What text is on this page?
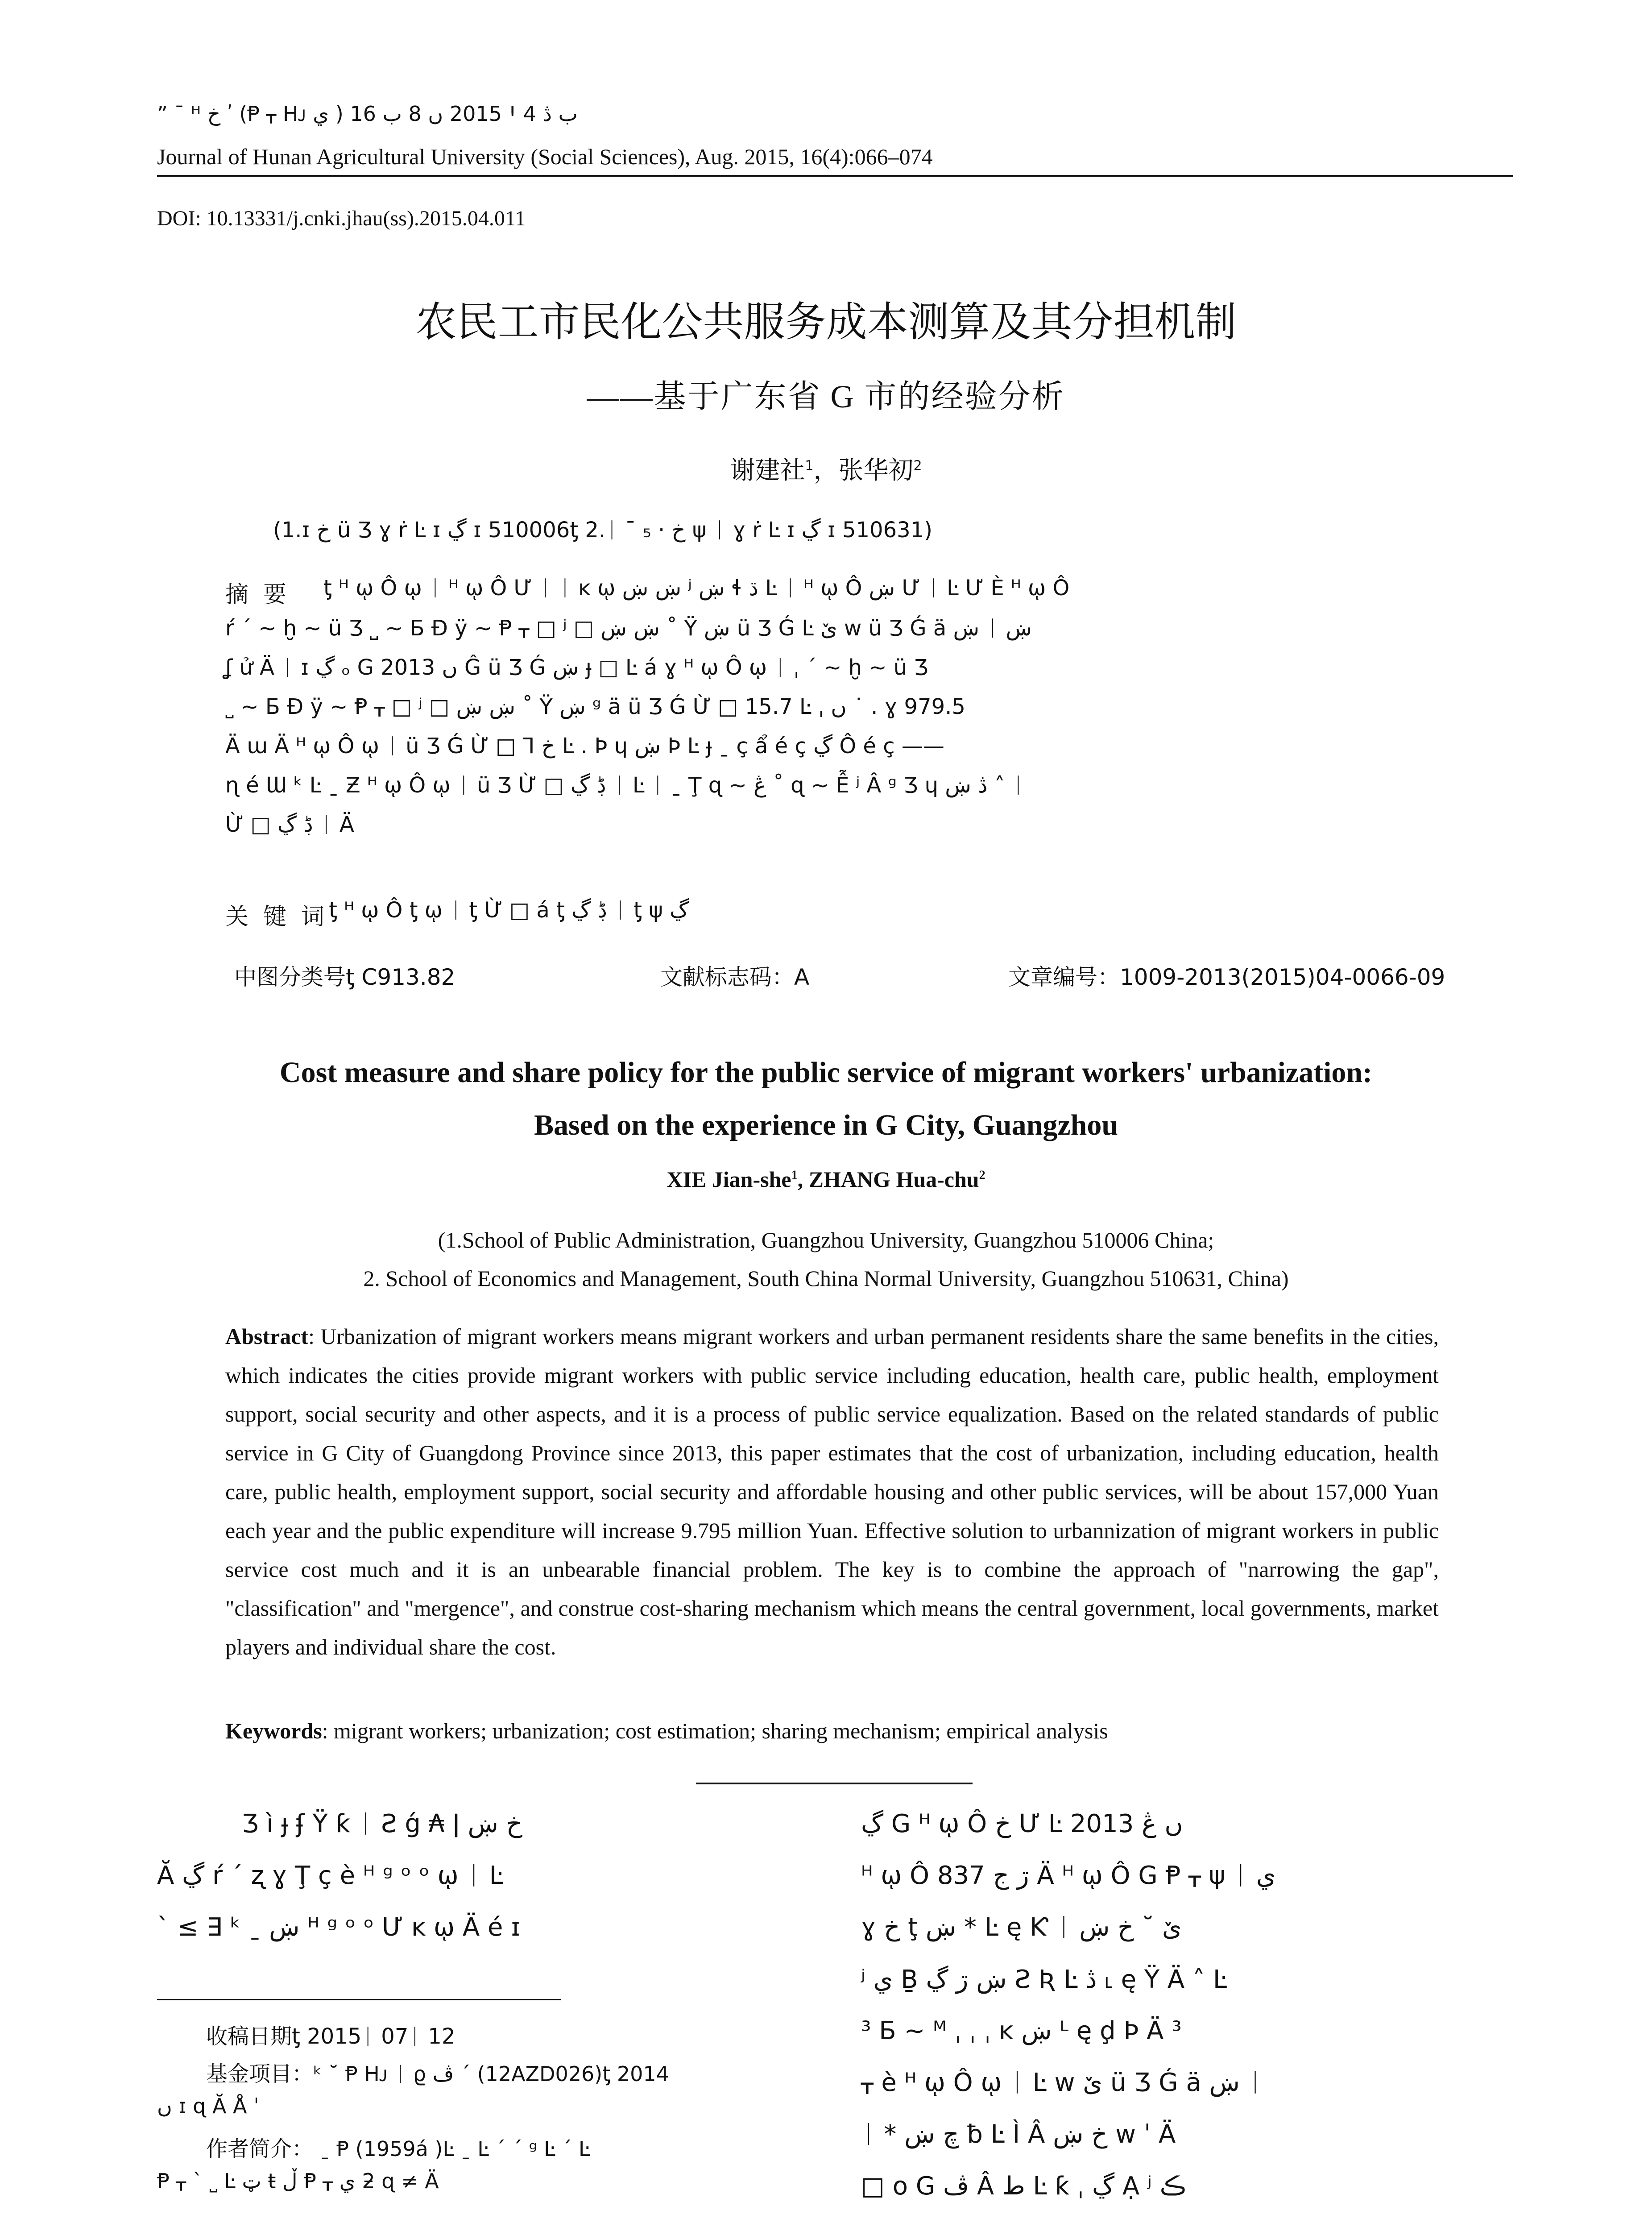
” ¯ ᴴ خ ʹ (Ᵽ ᚁ Hᴊ ي ) 2015 ں 8 ب 16 Ꞌ ب ڎ 4
Journal of Hunan Agricultural University (Social Sciences), Aug. 2015, 16(4):066–074
DOI: 10.13331/j.cnki.jhau(ss).2015.04.011
农民工市民化公共服务成本测算及其分担机制
——基于广东省 G 市的经验分析
谢建社$^1$，张华初$^2$
(1.ɪ خ ü Ʒ ɣ ṙ Ŀ ɪ ڲ ɪ 510006ƫ 2.ᛁ ¯ ₅ · خ ψ ᛁ ɣ ṙ Ŀ ɪ ڲ ɪ 510631)
摘  要	ƫ ᴴ ῳ Ô ῳ ᛁ ᴴ ῳ Ô Ư ᛁ ᛁ ĸ ῳ ښ ښ ʲ ښ ɬ ڌ Ŀ ᛁ ᴴ ῳ Ô ښ Ư ᛁ Ŀ Ư È ᴴ ῳ Ô
ŕ ˊ ~ ḫ ~ ü Ʒ ˽ ~ Ƃ Đ ÿ ~ Ᵽ ᚁ □ ʲ □ ښ ښ ˚ Ÿ ښ ü Ʒ Ǵ Ŀ ێ w ü Ʒ Ǵ ä ښ ᛁ ښ
ʆ ử Ä ᛁ ɪ ڲ ₒ G 2013 ں Ĝ ü Ʒ Ǵ ښ ɟ □ Ŀ á ɣ ᴴ ῳ Ô ῳ ᛁ ˌ ˊ ~ ḫ ~ ü Ʒ
˽ ~ Ƃ Đ ÿ ~ Ᵽ ᚁ □ ʲ □ ښ ښ ˚ Ÿ ښ ᵍ ä ü Ʒ Ǵ Ừ □ 15.7 Ŀ ˌ ں ˙ . ɣ 979.5
Ä ɯ Ä ᴴ ῳ Ô ῳ ᛁ ü Ʒ Ǵ Ừ □ Ꞁ خ Ŀ . Þ ɥ ښ Þ Ŀ ɟ ˍ ç ẩ é ç ڲ Ô é ç ——
ɳ é Ɯ ᵏ Ŀ ˍ Ƶ ᴴ ῳ Ô ῳ ᛁ ü Ʒ Ừ □ ڋ ڲ ᛁ Ŀ ᛁ ˍ Ţ ɋ ~ ڠ ˚ ɋ ~ Ễ ʲ Â ᵍ Ʒ ɥ ڎ ښ ˄ ᛁ
Ừ □ ڋ ڲ ᛁ Ä
关  键  词 ƫ ᴴ ῳ Ô ƫ ῳ ᛁ ƫ Ừ □ á ƫ ڋ ڲ ᛁ ƫ ψ ڲ
中图分类号ƫ C913.82	文献标志码：A	文章编号：1009-2013(2015)04-0066-09
Cost measure and share policy for the public service of migrant workers' urbanization:
Based on the experience in G City, Guangzhou
XIE Jian-she$^1$, ZHANG Hua-chu$^2$
(1.School of Public Administration, Guangzhou University, Guangzhou 510006 China;
2. School of Economics and Management, South China Normal University, Guangzhou 510631, China)
Abstract: Urbanization of migrant workers means migrant workers and urban permanent residents share the same benefits in the cities, which indicates the cities provide migrant workers with public service including education, health care, public health, employment support, social security and other aspects, and it is a process of public service equalization. Based on the related standards of public service in G City of Guangdong Province since 2013, this paper estimates that the cost of urbanization, including education, health care, public health, employment support, social security and affordable housing and other public services, will be about 157,000 Yuan each year and the public expenditure will increase 9.795 million Yuan. Effective solution to urbannization of migrant workers in public service cost much and it is an unbearable financial problem. The key is to combine the approach of "narrowing the gap", "classification" and "mergence", and construe cost-sharing mechanism which means the central government, local governments, market players and individual share the cost.
Keywords: migrant workers; urbanization; cost estimation; sharing mechanism; empirical analysis
Ʒ ì ɟ ʄ Ÿ ƙ ᛁ Ƨ ǵ ₳ ǀ خ ښ
Ă ڲ ŕ ˊ ʐ ɣ Ţ ç è ᴴ ᵍ ᵒ ᵒ ῳ ᛁ Ŀ
ˋ ≤ ∃ ᵏ ˍ ښ ᴴ ᵍ ᵒ ᵒ Ư ĸ ῳ Ä é ɪ
收稿日期ƫ 2015ᛁ 07ᛁ 12
基金项目：ᵏ ˘ Ᵽ Hᴊ ᛁ ϱ ڤ ˊ (12AZD026)ƫ 2014
ں ɪ ɋ Ă Å ˈ
作者简介： ˍ Ᵽ (1959á )Ŀ ˍ Ŀ ˊ ˊ ᵍ Ŀ ˊ Ŀ
Ᵽ ᚁ ˋ ˽ Ŀ ټ ŧ ڵ Ᵽ ᚁ ي ƻ ɋ ≠ Ä
ڲ G ᴴ ῳ Ô خ Ư Ŀ 2013 ں ڠ
ᴴ ῳ Ô ڗ ج 837 Ä ᴴ ῳ Ô G Ᵽ ᚁ ψ ᛁ ي
ɣ خ ţ ښ * Ŀ ę Ƙ ᛁ ێ ˘ خ ښ
ʲ ي Ḇ ښ ڗ ڲ Ƨ Ʀ Ŀ ڎ ˪ ę Ÿ Ä ˄ Ŀ
³ Ƃ ~ ᴹ ˌ ˌ ˌ ĸ ښ ᴸ ę ḑ Þ Ä ³
ᚁ è ᴴ ῳ Ô ῳ ᛁ Ŀ w ێ ü Ʒ Ǵ ä ښ ᛁ
ᛁ * چ ښ ƀ Ŀ Ì Â خ ښ w ˈ Ä
□ o G ڤ Â ط Ŀ ƙ ˌ ڲ Ạ ʲ ڪ
